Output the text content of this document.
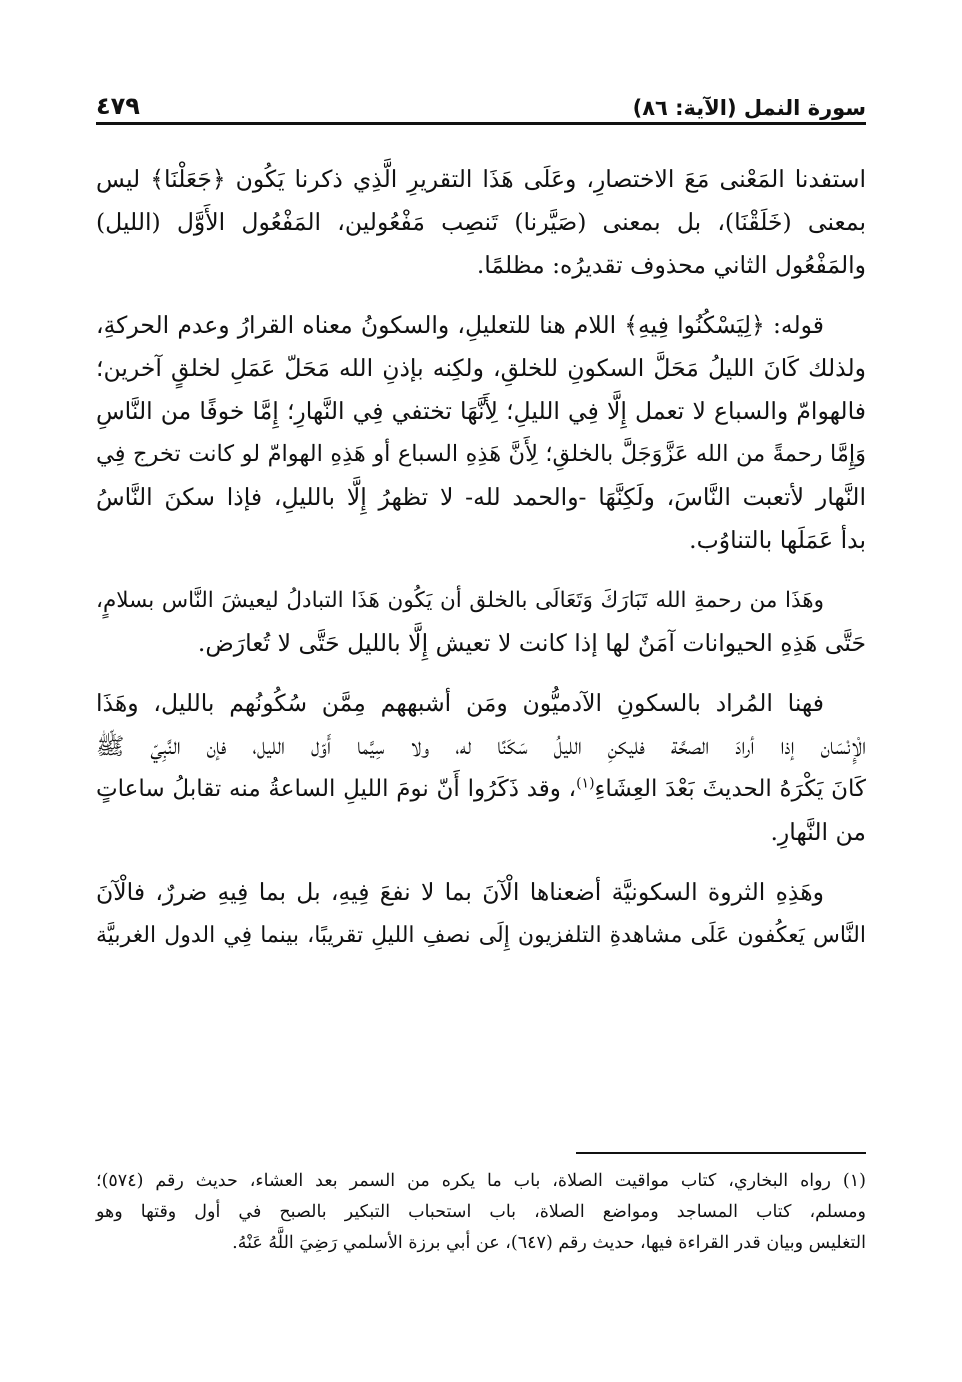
سورة النمل (الآية: ٨٦)
٤٧٩

استفدنا المَعْنى مَعَ الاختصارِ، وعَلَى هَذَا التقريرِ الَّذِي ذكرنا يَكُون ﴿جَعَلْنَا﴾ ليس
بمعنى (خَلَقْنَا)، بل بمعنى (صَيَّرنا) تَنصِب مَفْعُولين، المَفْعُول الأَوَّل (الليل)
والمَفْعُول الثاني محذوف تقديرُه: مظلمًا.

قوله: ﴿لِيَسْكُنُوا فِيهِ﴾ اللام هنا للتعليلِ، والسكونُ معناه القرارُ وعدم الحركةِ،
ولذلك كَانَ الليلُ مَحَلَّ السكونِ للخلقِ، ولكِنه بإذنِ الله مَحَلّ عَمَلِ لخلقٍ آخرين؛
فالهوامّ والسباع لا تعمل إِلَّا فِي الليلِ؛ لِأَنَّهَا تختفي فِي النَّهارِ؛ إِمَّا خوفًا من النَّاسِ
وَإِمَّا رحمةً من الله عَزَّوَجَلَّ بالخلقِ؛ لِأَنَّ هَذِهِ السباع أو هَذِهِ الهوامّ لو كانت تخرج فِي
النَّهار لأتعبت النَّاسَ، ولَكِنَّهَا -والحمد لله- لا تظهرُ إِلَّا بالليلِ، فإذا سكنَ النَّاسُ
بدأ عَمَلَها بالتناوُب.

وهَذَا من رحمةِ الله تَبَارَكَ وَتَعَالَى بالخلق أن يَكُون هَذَا التبادلُ ليعيشَ النَّاس بسلامٍ،
حَتَّى هَذِهِ الحيوانات آمَنٌ لها إذا كانت لا تعيش إِلَّا بالليل حَتَّى لا تُعارَض.

فهنا المُراد بالسكونِ الآدميُّون ومَن أشبههم مِمَّن سُكُونُهم بالليل، وهَذَا
الْإِنْسَان إذا أرادَ الصحَّة فليكنِ الليلُ سَكَنًا له، ولا سِيَّما أَوّل الليل، فإن النَّبِيّ ﷺ
كَانَ يَكْرَهُ الحديثَ بَعْدَ العِشَاءِ$^{(١)}$، وقد ذَكَرُوا أَنّ نومَ الليلِ الساعةُ منه تقابلُ ساعاتٍ
من النَّهارِ.

وهَذِهِ الثروة السكونيَّة أضعناها الْآنَ بما لا نفعَ فِيهِ، بل بما فِيهِ ضررٌ، فالْآنَ
النَّاس يَعكُفون عَلَى مشاهدةِ التلفزيون إِلَى نصفِ الليلِ تقريبًا، بينما فِي الدول الغربيَّة

(١) رواه البخاري، كتاب مواقيت الصلاة، باب ما يكره من السمر بعد العشاء، حديث رقم (٥٧٤)؛
ومسلم، كتاب المساجد ومواضع الصلاة، باب استحباب التبكير بالصبح في أول وقتها وهو
التغليس وبيان قدر القراءة فيها، حديث رقم (٦٤٧)، عن أبي برزة الأسلمي رَضِيَ اللَّهُ عَنْهُ.
